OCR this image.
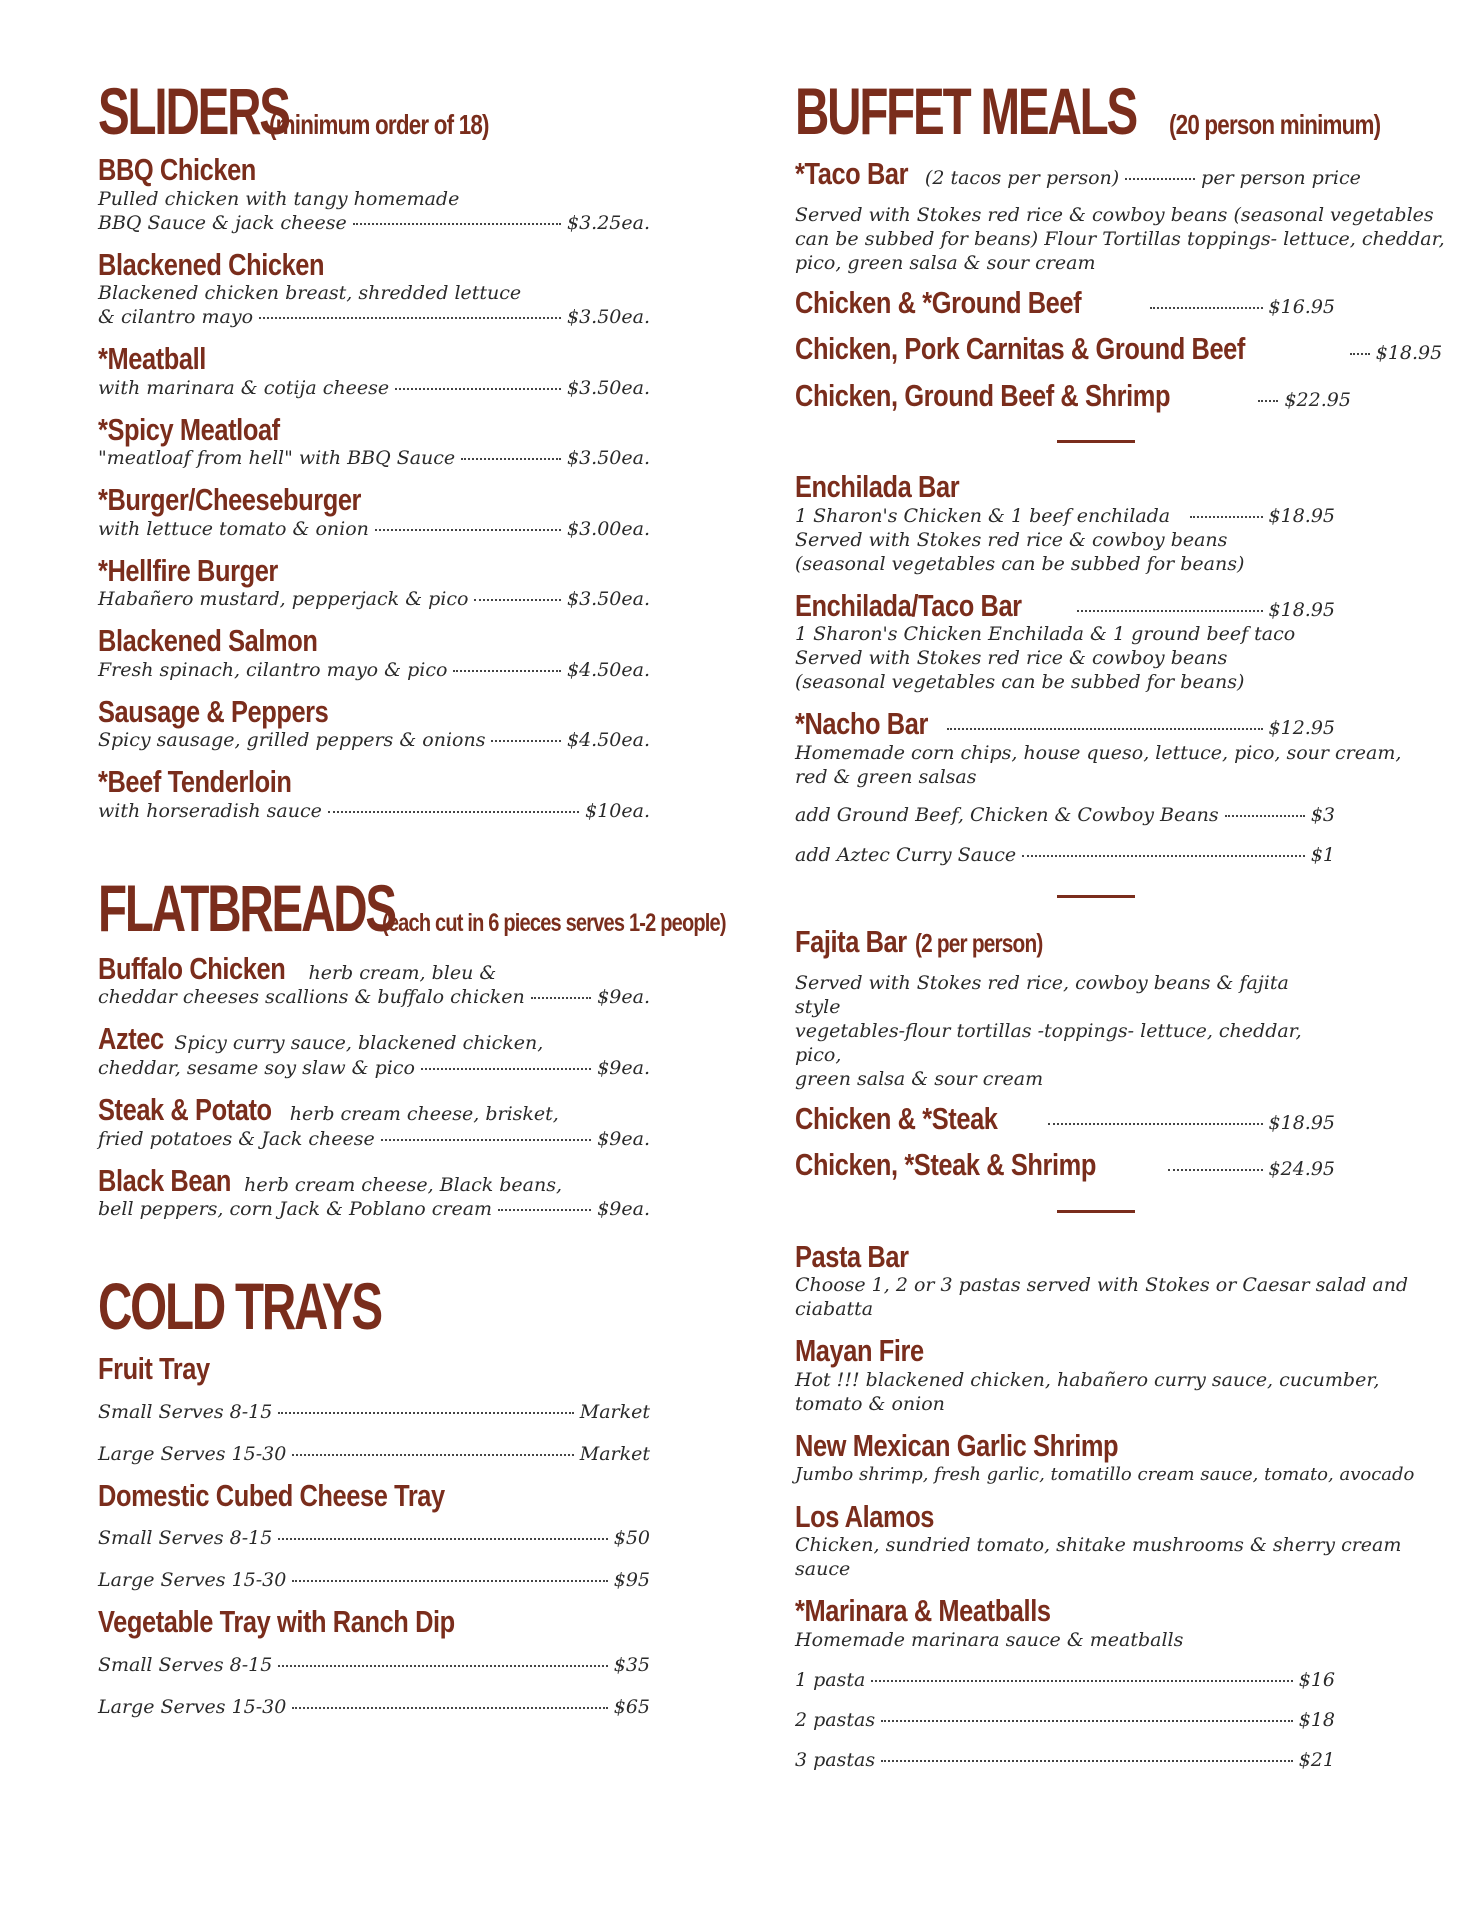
SLIDERS(minimum order of 18)
BBQ Chicken
Pulled chicken with tangy homemade
BBQ Sauce & jack cheese	$3.25ea.
Blackened Chicken
Blackened chicken breast, shredded lettuce
& cilantro mayo	$3.50ea.
*Meatball
with marinara & cotija cheese	$3.50ea.
*Spicy Meatloaf
"meatloaf from hell" with BBQ Sauce	$3.50ea.
*Burger/Cheeseburger
with lettuce tomato & onion	$3.00ea.
*Hellfire Burger
Habañero mustard, pepperjack & pico	$3.50ea.
Blackened Salmon
Fresh spinach, cilantro mayo & pico	$4.50ea.
Sausage & Peppers
Spicy sausage, grilled peppers & onions	$4.50ea.
*Beef Tenderloin
with horseradish sauce	$10ea.
FLATBREADS(each cut in 6 pieces serves 1-2 people)
Buffalo Chicken herb cream, bleu &
cheddar cheeses scallions & buffalo chicken	$9ea.
Aztec Spicy curry sauce, blackened chicken,
cheddar, sesame soy slaw & pico	$9ea.
Steak & Potato herb cream cheese, brisket,
fried potatoes & Jack cheese	$9ea.
Black Bean herb cream cheese, Black beans,
bell peppers, corn Jack & Poblano cream	$9ea.
COLD TRAYS
Fruit Tray
Small Serves 8-15	Market
Large Serves 15-30	Market
Domestic Cubed Cheese Tray
Small Serves 8-15	$50
Large Serves 15-30	$95
Vegetable Tray with Ranch Dip
Small Serves 8-15	$35
Large Serves 15-30	$65
BUFFET MEALS (20 person minimum)
*Taco Bar (2 tacos per person)	per person price
Served with Stokes red rice & cowboy beans (seasonal vegetables
can be subbed for beans) Flour Tortillas toppings- lettuce, cheddar,
pico, green salsa & sour cream
Chicken & *Ground Beef	$16.95
Chicken, Pork Carnitas & Ground Beef	$18.95
Chicken, Ground Beef & Shrimp	$22.95
Enchilada Bar
1 Sharon's Chicken & 1 beef enchilada	$18.95
Served with Stokes red rice & cowboy beans
(seasonal vegetables can be subbed for beans)
Enchilada/Taco Bar	$18.95
1 Sharon's Chicken Enchilada & 1 ground beef taco
Served with Stokes red rice & cowboy beans
(seasonal vegetables can be subbed for beans)
*Nacho Bar	$12.95
Homemade corn chips, house queso, lettuce, pico, sour cream,
red & green salsas
add Ground Beef, Chicken & Cowboy Beans	$3
add Aztec Curry Sauce	$1
Fajita Bar (2 per person)
Served with Stokes red rice, cowboy beans & fajita style
vegetables-flour tortillas -toppings- lettuce, cheddar, pico,
green salsa & sour cream
Chicken & *Steak	$18.95
Chicken, *Steak & Shrimp	$24.95
Pasta Bar
Choose 1, 2 or 3 pastas served with Stokes or Caesar salad and
ciabatta
Mayan Fire
Hot !!! blackened chicken, habañero curry sauce, cucumber,
tomato & onion
New Mexican Garlic Shrimp
Jumbo shrimp, fresh garlic, tomatillo cream sauce, tomato, avocado
Los Alamos
Chicken, sundried tomato, shitake mushrooms & sherry cream
sauce
*Marinara & Meatballs
Homemade marinara sauce & meatballs
1 pasta	$16
2 pastas	$18
3 pastas	$21
